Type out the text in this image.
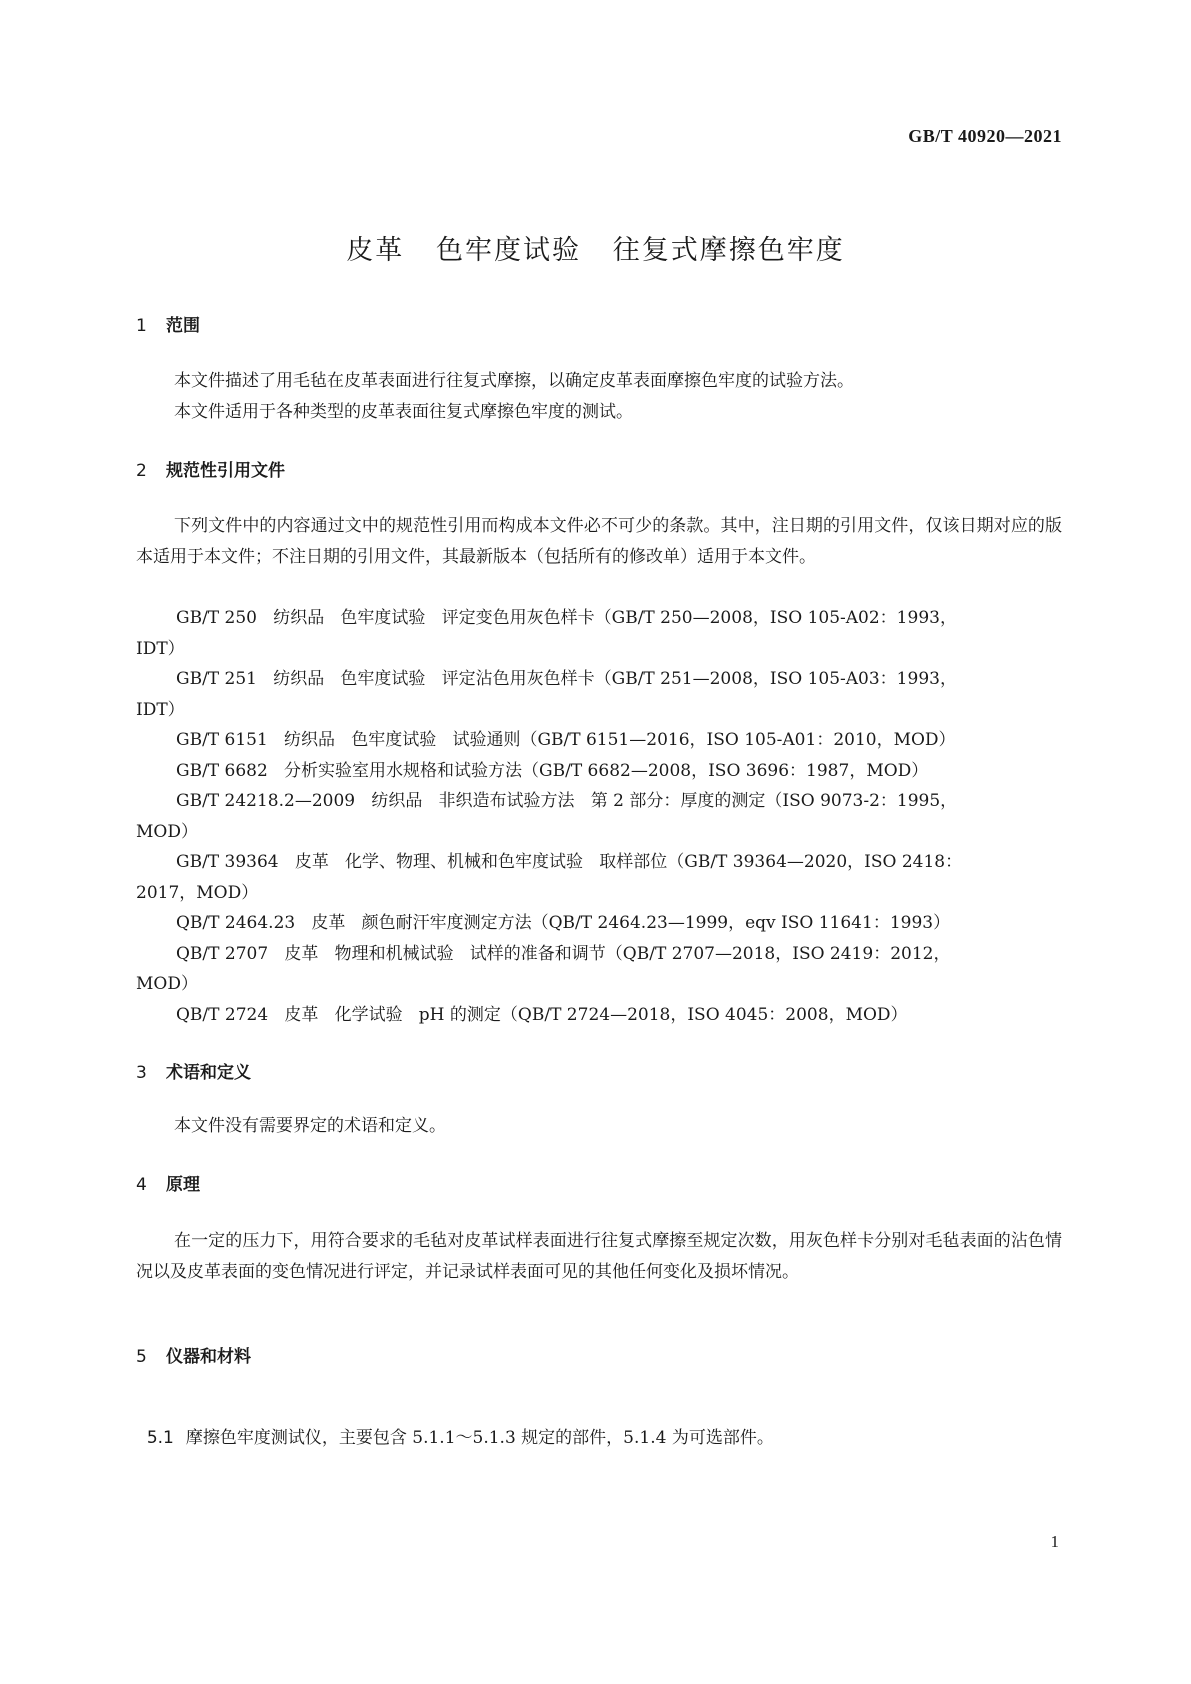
GB/T 40920—2021
皮革   色牢度试验   往复式摩擦色牢度
1 范围
本文件描述了用毛毡在皮革表面进行往复式摩擦，以确定皮革表面摩擦色牢度的试验方法。
本文件适用于各种类型的皮革表面往复式摩擦色牢度的测试。
2 规范性引用文件
下列文件中的内容通过文中的规范性引用而构成本文件必不可少的条款。其中，注日期的引用文件，仅该日期对应的版本适用于本文件；不注日期的引用文件，其最新版本（包括所有的修改单）适用于本文件。
GB/T 250   纺织品   色牢度试验   评定变色用灰色样卡（GB/T 250—2008，ISO 105-A02：1993，
IDT）
GB/T 251   纺织品   色牢度试验   评定沾色用灰色样卡（GB/T 251—2008，ISO 105-A03：1993，
IDT）
GB/T 6151   纺织品   色牢度试验   试验通则（GB/T 6151—2016，ISO 105-A01：2010，MOD）
GB/T 6682   分析实验室用水规格和试验方法（GB/T 6682—2008，ISO 3696：1987，MOD）
GB/T 24218.2—2009   纺织品   非织造布试验方法   第 2 部分：厚度的测定（ISO 9073-2：1995，
MOD）
GB/T 39364   皮革   化学、物理、机械和色牢度试验   取样部位（GB/T 39364—2020，ISO 2418：
2017，MOD）
QB/T 2464.23   皮革   颜色耐汗牢度测定方法（QB/T 2464.23—1999，eqv ISO 11641：1993）
QB/T 2707   皮革   物理和机械试验   试样的准备和调节（QB/T 2707—2018，ISO 2419：2012，
MOD）
QB/T 2724   皮革   化学试验   pH 的测定（QB/T 2724—2018，ISO 4045：2008，MOD）
3 术语和定义
本文件没有需要界定的术语和定义。
4 原理
在一定的压力下，用符合要求的毛毡对皮革试样表面进行往复式摩擦至规定次数，用灰色样卡分别对毛毡表面的沾色情况以及皮革表面的变色情况进行评定，并记录试样表面可见的其他任何变化及损坏情况。
5 仪器和材料

5.1 摩擦色牢度测试仪，主要包含 5.1.1～5.1.3 规定的部件，5.1.4 为可选部件。

1
